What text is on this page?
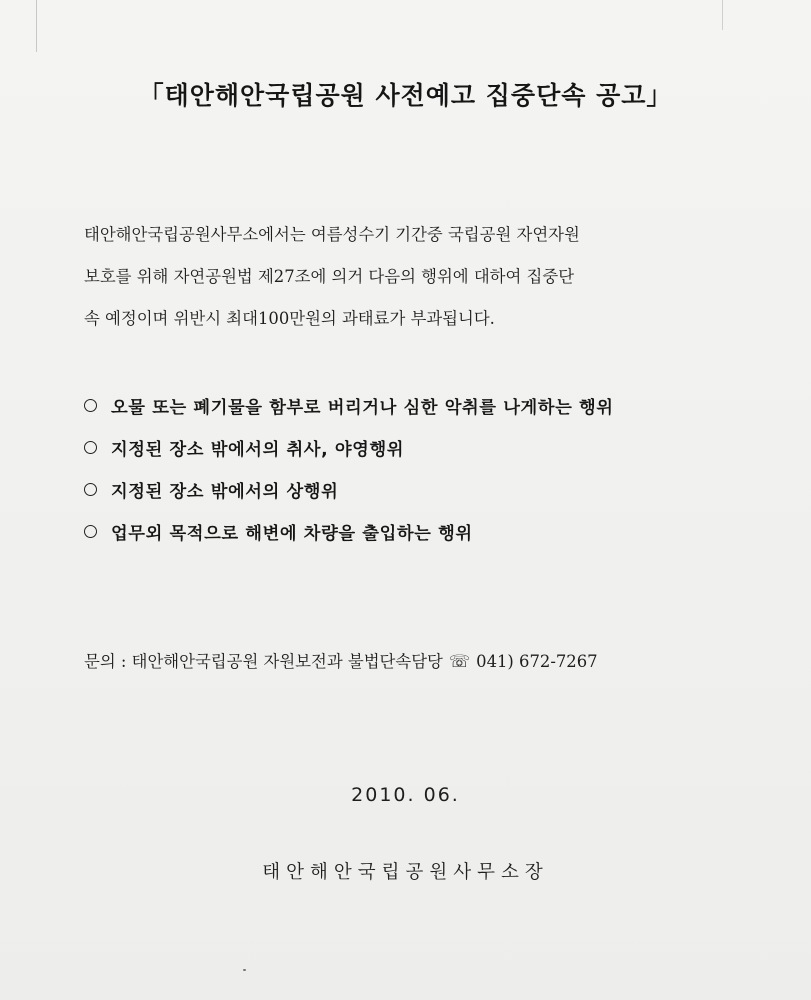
「태안해안국립공원 사전예고 집중단속 공고」
태안해안국립공원사무소에서는 여름성수기 기간중 국립공원 자연자원
보호를 위해 자연공원법 제27조에 의거 다음의 행위에 대하여 집중단
속 예정이며 위반시 최대100만원의 과태료가 부과됩니다.
오물 또는 폐기물을 함부로 버리거나 심한 악취를 나게하는 행위
지정된 장소 밖에서의 취사, 야영행위
지정된 장소 밖에서의 상행위
업무외 목적으로 해변에 차량을 출입하는 행위
문의 : 태안해안국립공원 자원보전과 불법단속담당 ☏ 041) 672-7267
2010. 06.
태안해안국립공원사무소장
